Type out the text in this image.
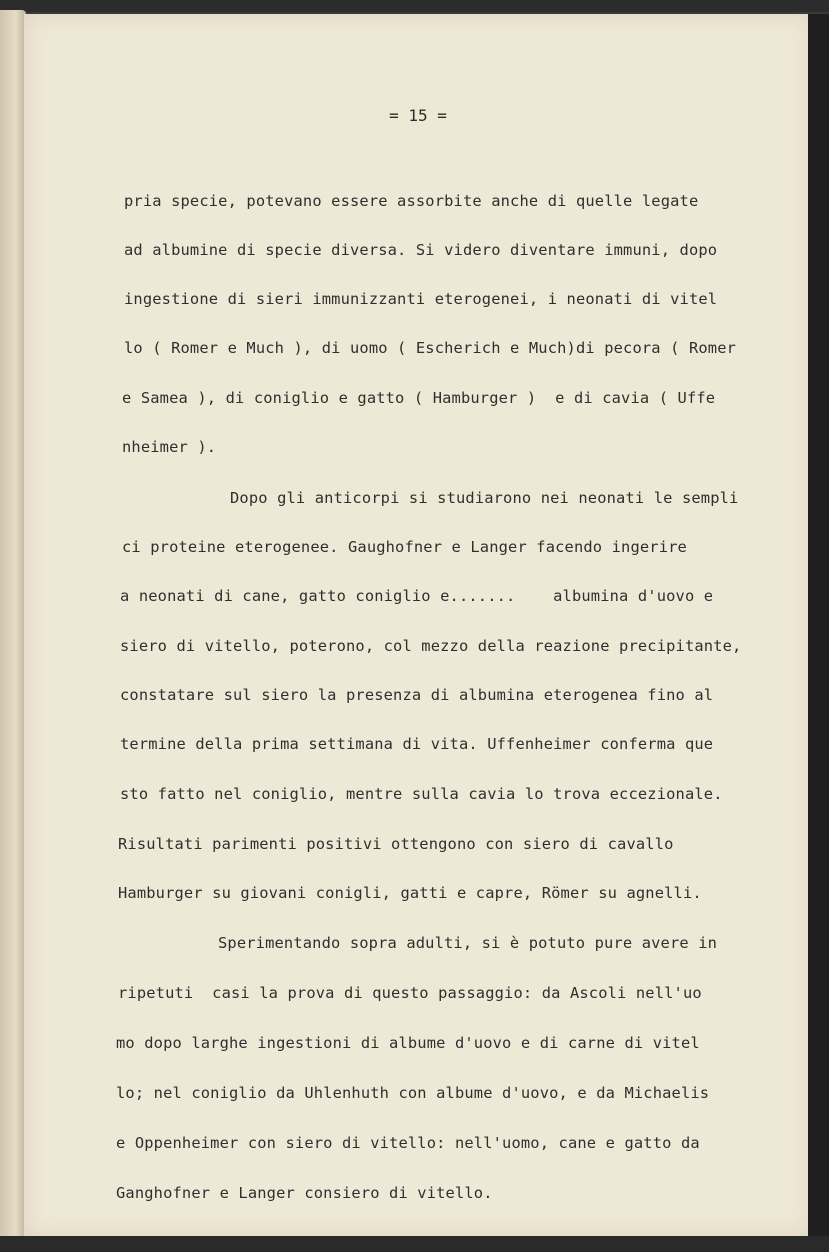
= 15 =
pria specie, potevano essere assorbite anche di quelle legate
ad albumine di specie diversa. Si videro diventare immuni, dopo
ingestione di sieri immunizzanti eterogenei, i neonati di vitel
lo ( Romer e Much ), di uomo ( Escherich e Much)di pecora ( Romer
e Samea ), di coniglio e gatto ( Hamburger )  e di cavia ( Uffe
nheimer ).
Dopo gli anticorpi si studiarono nei neonati le sempli
ci proteine eterogenee. Gaughofner e Langer facendo ingerire
a neonati di cane, gatto coniglio e.......    albumina d'uovo e
siero di vitello, poterono, col mezzo della reazione precipitante,
constatare sul siero la presenza di albumina eterogenea fino al
termine della prima settimana di vita. Uffenheimer conferma que
sto fatto nel coniglio, mentre sulla cavia lo trova eccezionale.
Risultati parimenti positivi ottengono con siero di cavallo
Hamburger su giovani conigli, gatti e capre, Römer su agnelli.
Sperimentando sopra adulti, si è potuto pure avere in
ripetuti  casi la prova di questo passaggio: da Ascoli nell'uo
mo dopo larghe ingestioni di albume d'uovo e di carne di vitel
lo; nel coniglio da Uhlenhuth con albume d'uovo, e da Michaelis
e Oppenheimer con siero di vitello: nell'uomo, cane e gatto da
Ganghofner e Langer consiero di vitello.
